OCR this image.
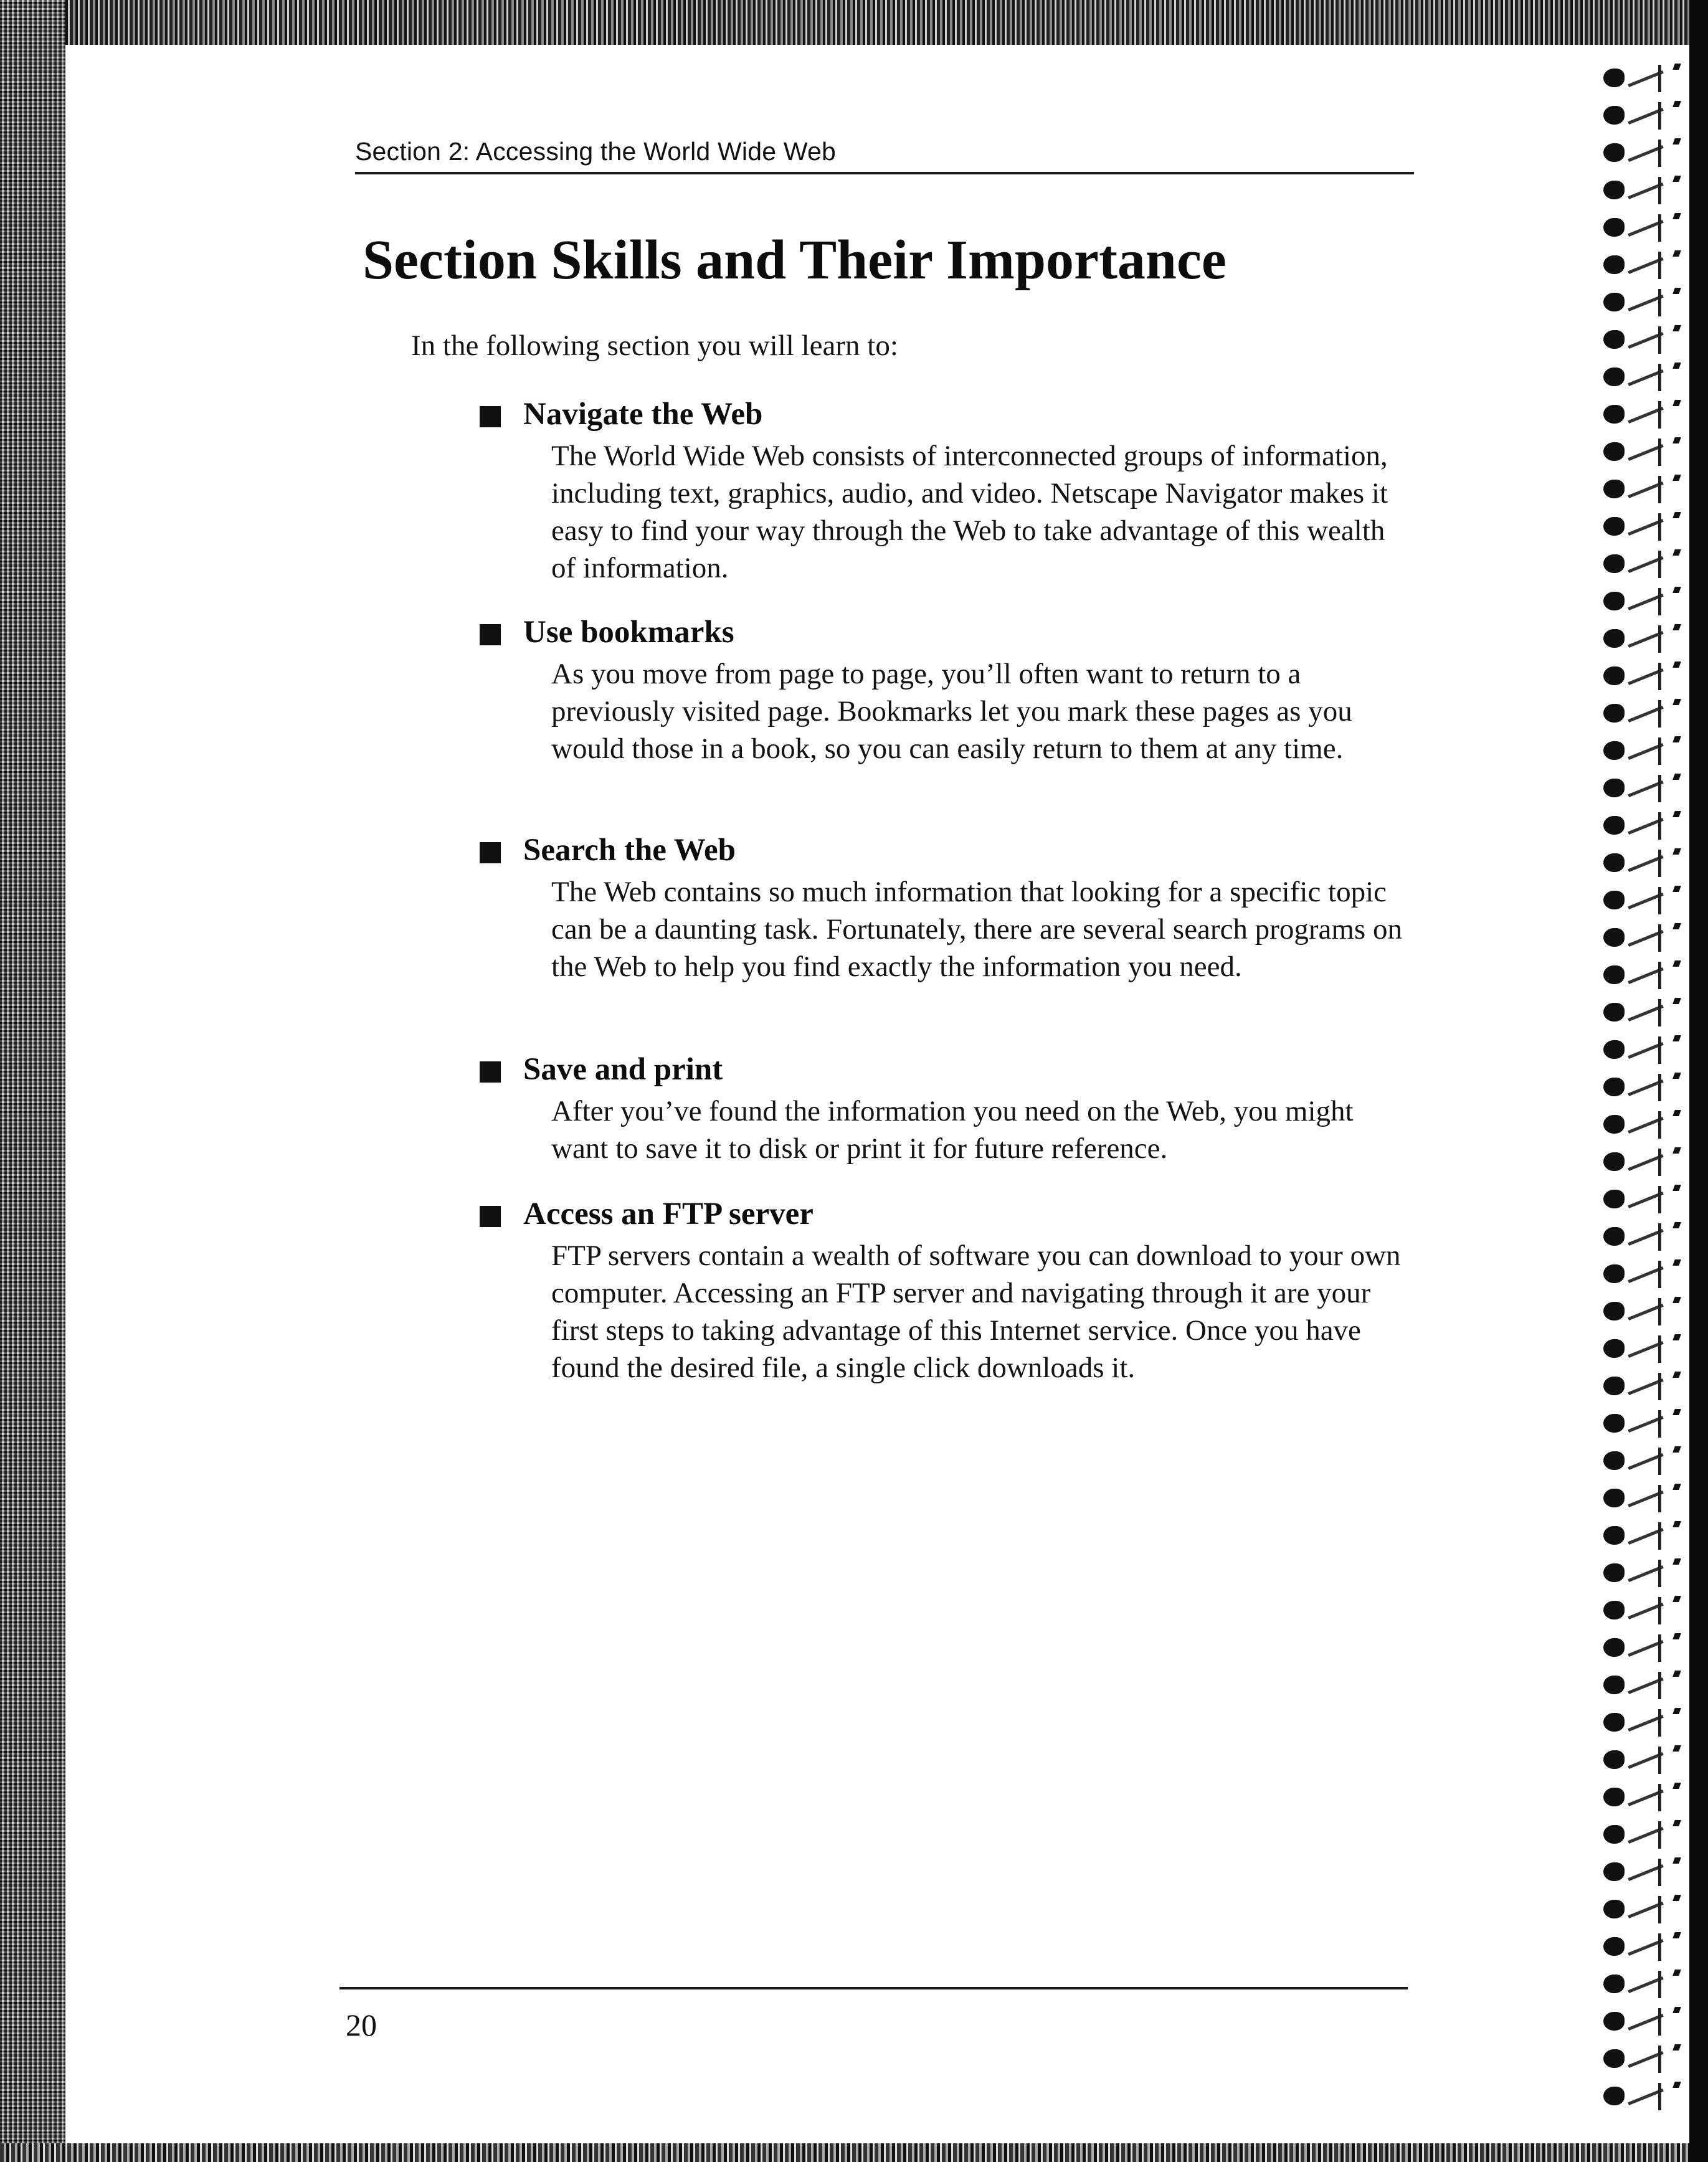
Section 2: Accessing the World Wide Web
Section Skills and Their Importance
In the following section you will learn to:
Navigate the Web
The World Wide Web consists of interconnected groups of information, including text, graphics, audio, and video. Netscape Navigator makes it easy to find your way through the Web to take advantage of this wealth of information.
Use bookmarks
As you move from page to page, you’ll often want to return to a previously visited page. Bookmarks let you mark these pages as you would those in a book, so you can easily return to them at any time.
Search the Web
The Web contains so much information that looking for a specific topic can be a daunting task. Fortunately, there are several search programs on the Web to help you find exactly the information you need.
Save and print
After you’ve found the information you need on the Web, you might want to save it to disk or print it for future reference.
Access an FTP server
FTP servers contain a wealth of software you can download to your own computer. Accessing an FTP server and navigating through it are your first steps to taking advantage of this Internet service. Once you have found the desired file, a single click downloads it.
20
